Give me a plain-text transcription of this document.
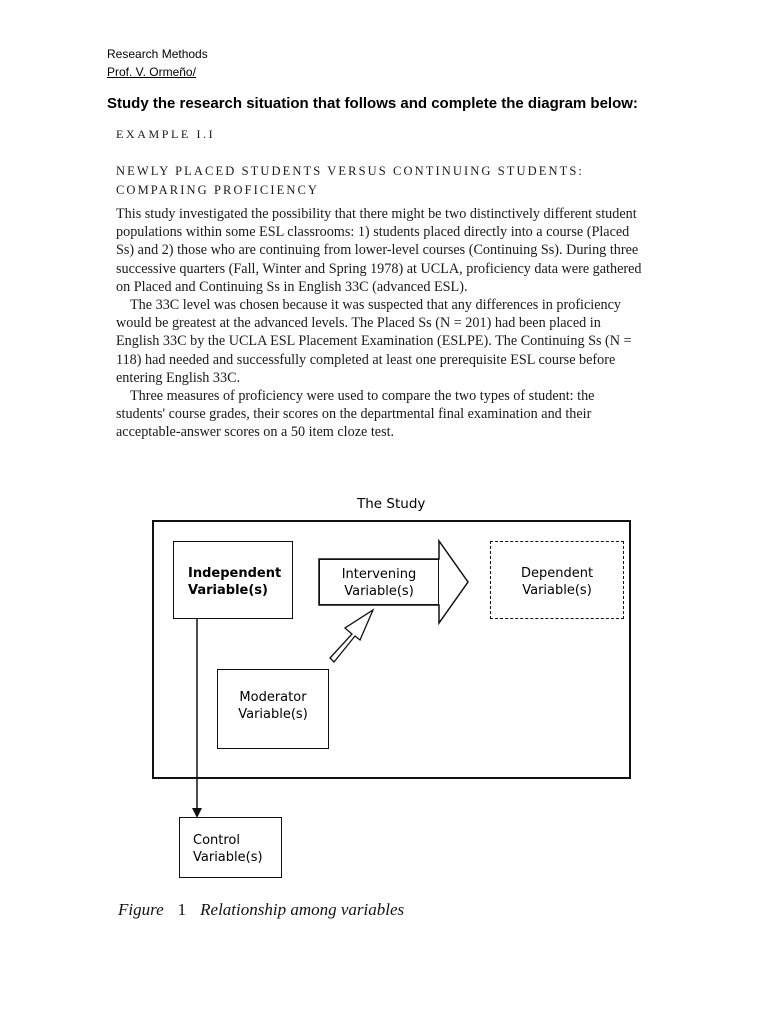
Research Methods
Prof. V. Ormeño/
Study the research situation that follows and complete the diagram below:
EXAMPLE I.I
NEWLY PLACED STUDENTS VERSUS CONTINUING STUDENTS:
COMPARING PROFICIENCY

This study investigated the possibility that there might be two distinctively different student populations within some ESL classrooms: 1) students placed directly into a course (Placed Ss) and 2) those who are continuing from lower-level courses (Continuing Ss). During three successive quarters (Fall, Winter and Spring 1978) at UCLA, proficiency data were gathered on Placed and Continuing Ss in English 33C (advanced ESL).

The 33C level was chosen because it was suspected that any differences in proficiency would be greatest at the advanced levels. The Placed Ss (N = 201) had been placed in English 33C by the UCLA ESL Placement Examination (ESLPE). The Continuing Ss (N = 118) had needed and successfully completed at least one prerequisite ESL course before entering English 33C.

Three measures of proficiency were used to compare the two types of student: the students' course grades, their scores on the departmental final examination and their acceptable-answer scores on a 50 item cloze test.

The Study
Independent
Variable(s)
Intervening
Variable(s)
Dependent
Variable(s)
Moderator
Variable(s)
Control
Variable(s)
Figure 1 Relationship among variables
